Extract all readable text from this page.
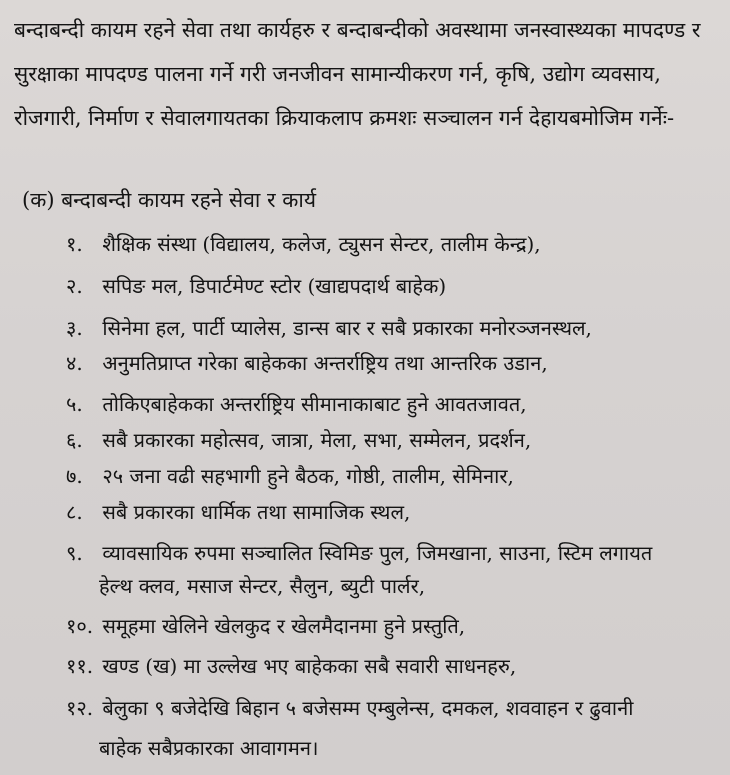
बन्दाबन्दी कायम रहने सेवा तथा कार्यहरु र बन्दाबन्दीको अवस्थामा जनस्वास्थ्यका मापदण्ड र सुरक्षाका मापदण्ड पालना गर्ने गरी जनजीवन सामान्यीकरण गर्न, कृषि, उद्योग व्यवसाय, रोजगारी, निर्माण र सेवालगायतका क्रियाकलाप क्रमशः सञ्चालन गर्न देहायबमोजिम गर्नेः-

(क) बन्दाबन्दी कायम रहने सेवा र कार्य
१. शैक्षिक संस्था (विद्यालय, कलेज, ट्युसन सेन्टर, तालीम केन्द्र),
२. सपिङ मल, डिपार्टमेण्ट स्टोर (खाद्यपदार्थ बाहेक)
३. सिनेमा हल, पार्टी प्यालेस, डान्स बार र सबै प्रकारका मनोरञ्जनस्थल,
४. अनुमतिप्राप्त गरेका बाहेकका अन्तर्राष्ट्रिय तथा आन्तरिक उडान,
५. तोकिएबाहेकका अन्तर्राष्ट्रिय सीमानाकाबाट हुने आवतजावत,
६. सबै प्रकारका महोत्सव, जात्रा, मेला, सभा, सम्मेलन, प्रदर्शन,
७. २५ जना वढी सहभागी हुने बैठक, गोष्ठी, तालीम, सेमिनार,
८. सबै प्रकारका धार्मिक तथा सामाजिक स्थल,
९. व्यावसायिक रुपमा सञ्चालित स्विमिङ पुल, जिमखाना, साउना, स्टिम लगायत
हेल्थ क्लव, मसाज सेन्टर, सैलुन, ब्युटी पार्लर,
१०. समूहमा खेलिने खेलकुद र खेलमैदानमा हुने प्रस्तुति,
११. खण्ड (ख) मा उल्लेख भए बाहेकका सबै सवारी साधनहरु,
१२. बेलुका ९ बजेदेखि बिहान ५ बजेसम्म एम्बुलेन्स, दमकल, शववाहन र ढुवानी
बाहेक सबैप्रकारका आवागमन।
